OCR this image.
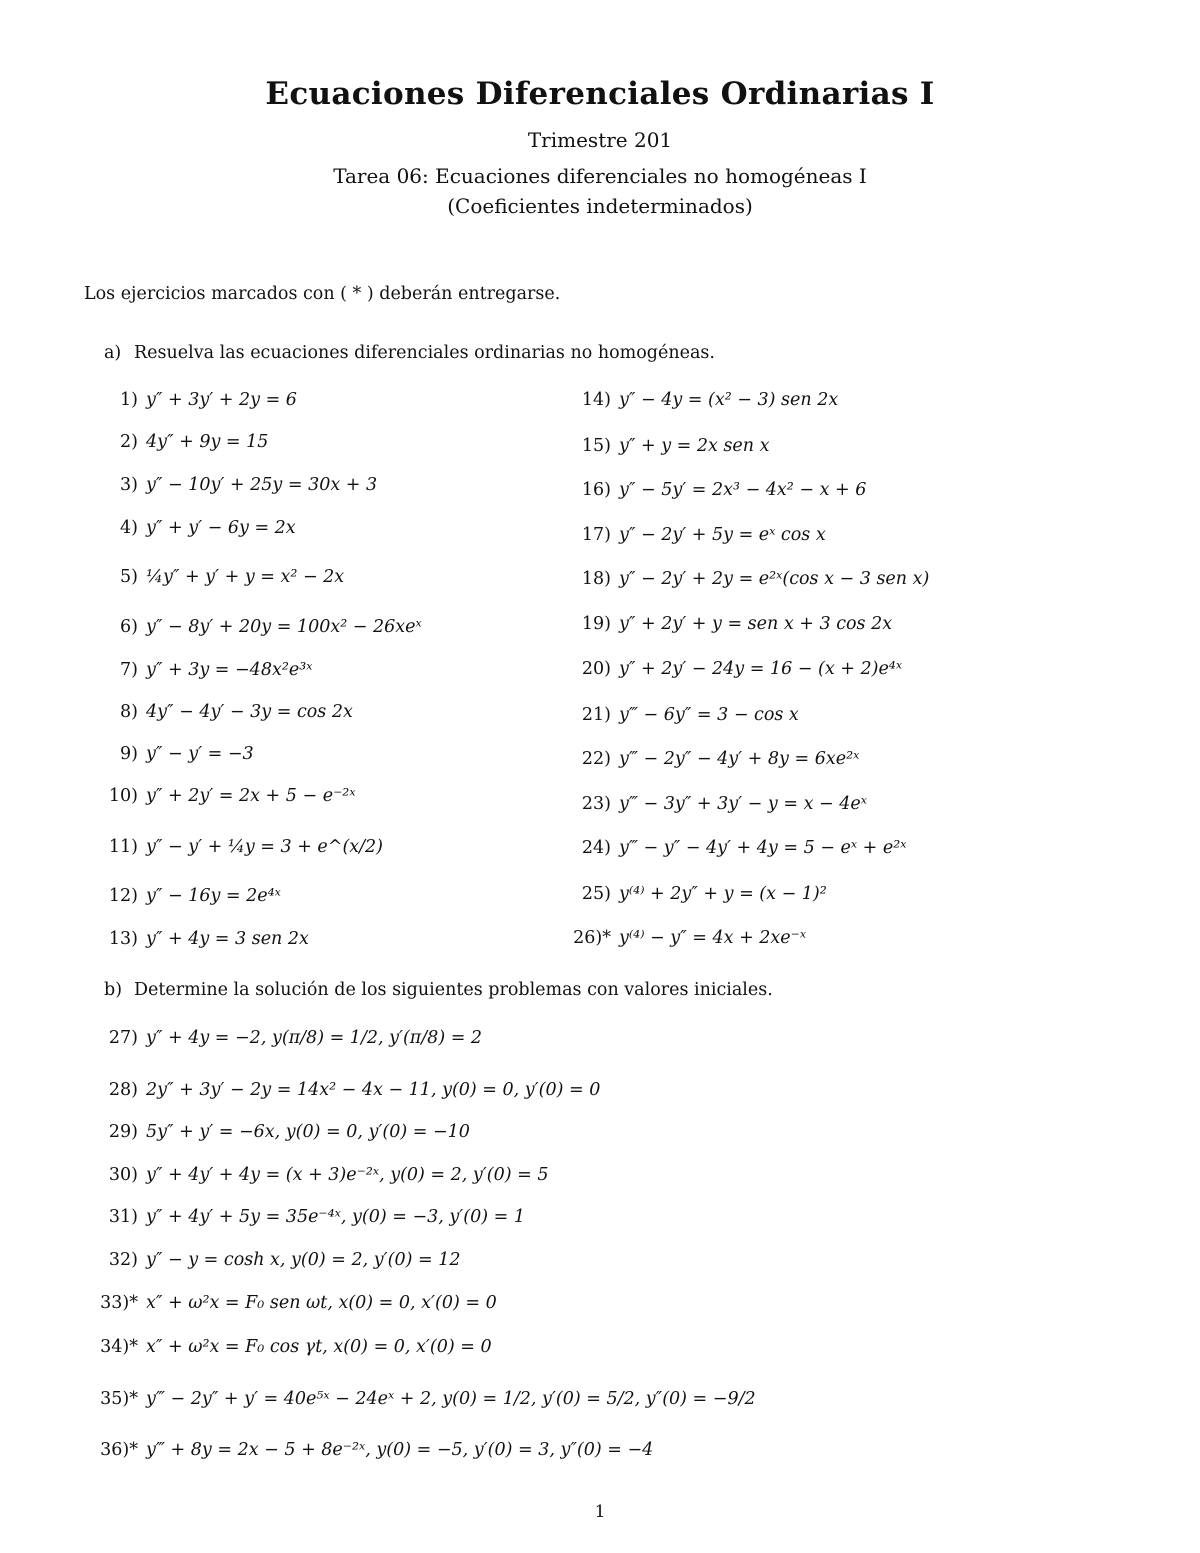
Ecuaciones Diferenciales Ordinarias I
Trimestre 201
Tarea 06: Ecuaciones diferenciales no homogéneas I
(Coeficientes indeterminados)
Los ejercicios marcados con ( * ) deberán entregarse.
a) Resuelva las ecuaciones diferenciales ordinarias no homogéneas.
1) y″ + 3y′ + 2y = 6
2) 4y″ + 9y = 15
3) y″ − 10y′ + 25y = 30x + 3
4) y″ + y′ − 6y = 2x
5) ¼y″ + y′ + y = x² − 2x
6) y″ − 8y′ + 20y = 100x² − 26xeˣ
7) y″ + 3y = −48x²e³ˣ
8) 4y″ − 4y′ − 3y = cos 2x
9) y″ − y′ = −3
10) y″ + 2y′ = 2x + 5 − e⁻²ˣ
11) y″ − y′ + ¼y = 3 + e^(x/2)
12) y″ − 16y = 2e⁴ˣ
13) y″ + 4y = 3 sen 2x
14) y″ − 4y = (x² − 3) sen 2x
15) y″ + y = 2x sen x
16) y″ − 5y′ = 2x³ − 4x² − x + 6
17) y″ − 2y′ + 5y = eˣ cos x
18) y″ − 2y′ + 2y = e²ˣ(cos x − 3 sen x)
19) y″ + 2y′ + y = sen x + 3 cos 2x
20) y″ + 2y′ − 24y = 16 − (x + 2)e⁴ˣ
21) y‴ − 6y″ = 3 − cos x
22) y‴ − 2y″ − 4y′ + 8y = 6xe²ˣ
23) y‴ − 3y″ + 3y′ − y = x − 4eˣ
24) y‴ − y″ − 4y′ + 4y = 5 − eˣ + e²ˣ
25) y⁽⁴⁾ + 2y″ + y = (x − 1)²
26)* y⁽⁴⁾ − y″ = 4x + 2xe⁻ˣ
b) Determine la solución de los siguientes problemas con valores iniciales.
27) y″ + 4y = −2, y(π/8) = 1/2, y′(π/8) = 2
28) 2y″ + 3y′ − 2y = 14x² − 4x − 11, y(0) = 0, y′(0) = 0
29) 5y″ + y′ = −6x, y(0) = 0, y′(0) = −10
30) y″ + 4y′ + 4y = (x + 3)e⁻²ˣ, y(0) = 2, y′(0) = 5
31) y″ + 4y′ + 5y = 35e⁻⁴ˣ, y(0) = −3, y′(0) = 1
32) y″ − y = cosh x, y(0) = 2, y′(0) = 12
33)* x″ + ω²x = F₀ sen ωt, x(0) = 0, x′(0) = 0
34)* x″ + ω²x = F₀ cos γt, x(0) = 0, x′(0) = 0
35)* y‴ − 2y″ + y′ = 40e⁵ˣ − 24eˣ + 2, y(0) = 1/2, y′(0) = 5/2, y″(0) = −9/2
36)* y‴ + 8y = 2x − 5 + 8e⁻²ˣ, y(0) = −5, y′(0) = 3, y″(0) = −4
1
